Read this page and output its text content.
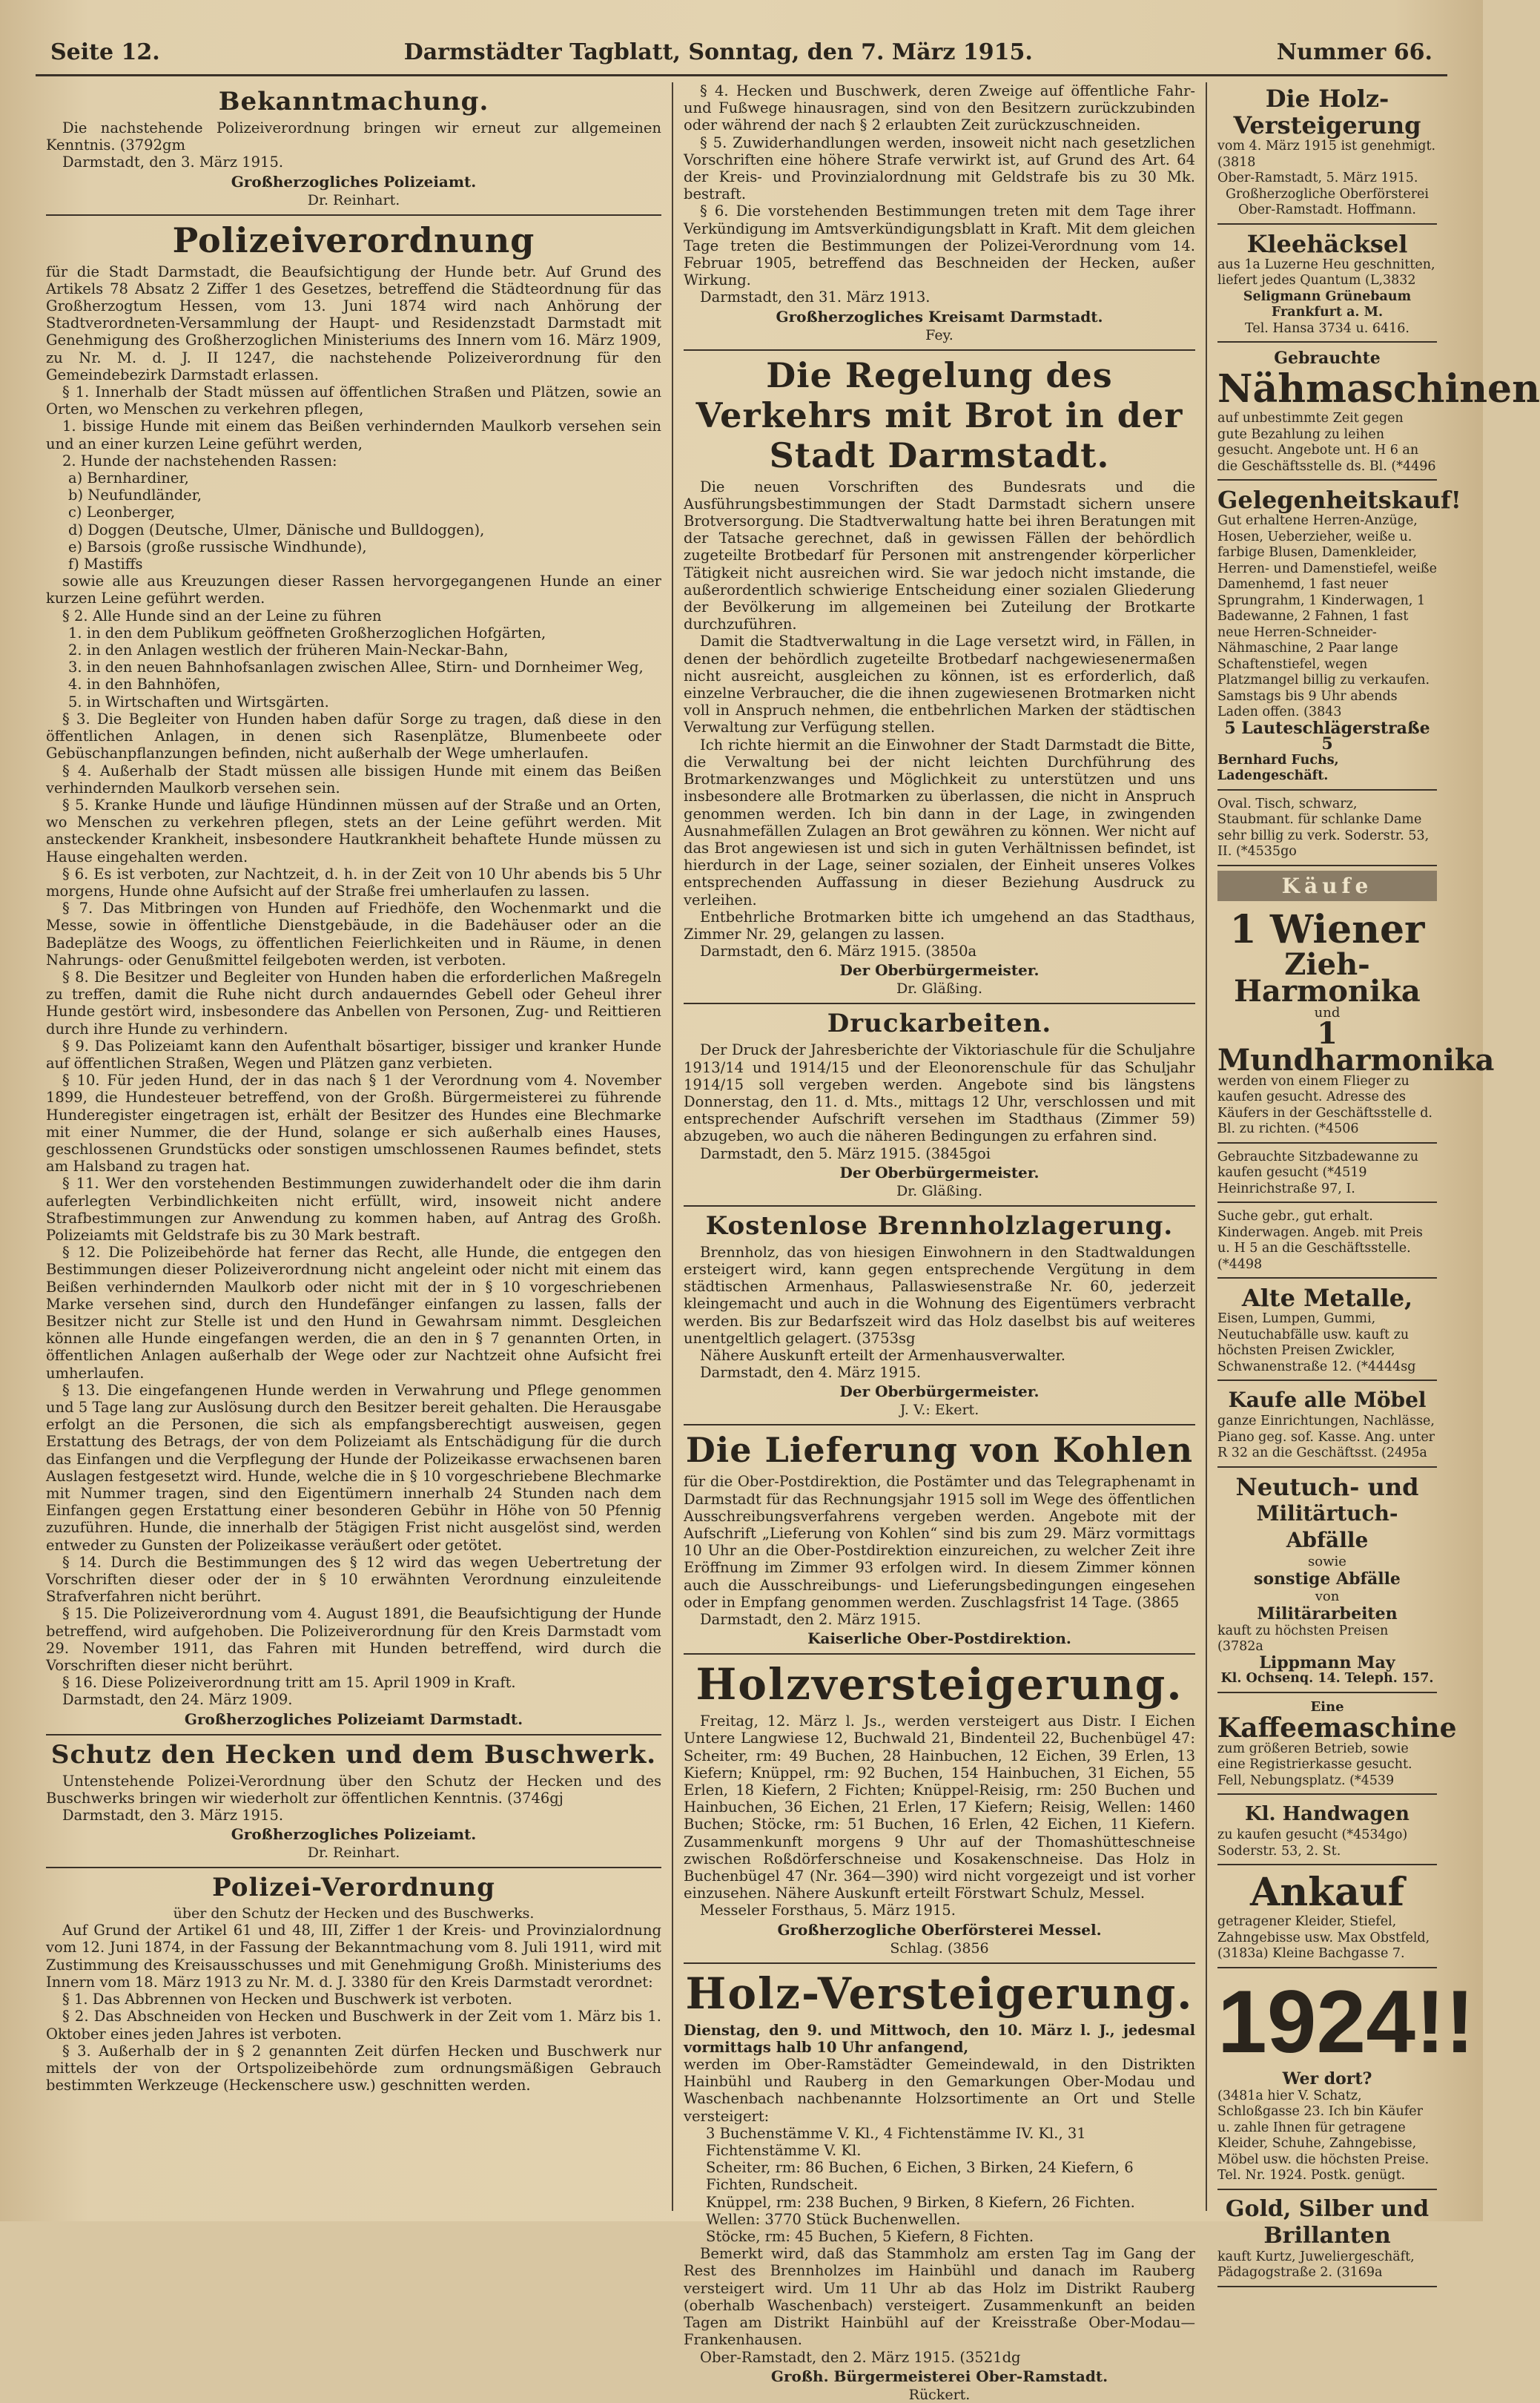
Seite 12.	Darmstädter Tagblatt, Sonntag, den 7. März 1915.	Nummer 66.
Bekanntmachung.

Die nachstehende Polizeiverordnung bringen wir erneut zur allgemeinen Kenntnis. (3792gm

Darmstadt, den 3. März 1915.

Großherzogliches Polizeiamt.
Dr. Reinhart.
Polizeiverordnung

für die Stadt Darmstadt, die Beaufsichtigung der Hunde betr. Auf Grund des Artikels 78 Absatz 2 Ziffer 1 des Gesetzes, betreffend die Städteordnung für das Großherzogtum Hessen, vom 13. Juni 1874 wird nach Anhörung der Stadtverordneten-Versammlung der Haupt- und Residenzstadt Darmstadt mit Genehmigung des Großherzoglichen Ministeriums des Innern vom 16. März 1909, zu Nr. M. d. J. II 1247, die nachstehende Polizeiverordnung für den Gemeindebezirk Darmstadt erlassen.

§ 1. Innerhalb der Stadt müssen auf öffentlichen Straßen und Plätzen, sowie an Orten, wo Menschen zu verkehren pflegen,

1. bissige Hunde mit einem das Beißen verhindernden Maulkorb versehen sein und an einer kurzen Leine geführt werden,

2. Hunde der nachstehenden Rassen:

a) Bernhardiner,
b) Neufundländer,
c) Leonberger,
d) Doggen (Deutsche, Ulmer, Dänische und Bulldoggen),
e) Barsois (große russische Windhunde),
f) Mastiffs

sowie alle aus Kreuzungen dieser Rassen hervorgegangenen Hunde an einer kurzen Leine geführt werden.

§ 2. Alle Hunde sind an der Leine zu führen

1. in den dem Publikum geöffneten Großherzoglichen Hofgärten,
2. in den Anlagen westlich der früheren Main-Neckar-Bahn,
3. in den neuen Bahnhofsanlagen zwischen Allee, Stirn- und Dornheimer Weg,
4. in den Bahnhöfen,
5. in Wirtschaften und Wirtsgärten.

§ 3. Die Begleiter von Hunden haben dafür Sorge zu tragen, daß diese in den öffentlichen Anlagen, in denen sich Rasenplätze, Blumenbeete oder Gebüschanpflanzungen befinden, nicht außerhalb der Wege umherlaufen.

§ 4. Außerhalb der Stadt müssen alle bissigen Hunde mit einem das Beißen verhindernden Maulkorb versehen sein.

§ 5. Kranke Hunde und läufige Hündinnen müssen auf der Straße und an Orten, wo Menschen zu verkehren pflegen, stets an der Leine geführt werden. Mit ansteckender Krankheit, insbesondere Hautkrankheit behaftete Hunde müssen zu Hause eingehalten werden.

§ 6. Es ist verboten, zur Nachtzeit, d. h. in der Zeit von 10 Uhr abends bis 5 Uhr morgens, Hunde ohne Aufsicht auf der Straße frei umherlaufen zu lassen.

§ 7. Das Mitbringen von Hunden auf Friedhöfe, den Wochenmarkt und die Messe, sowie in öffentliche Dienstgebäude, in die Badehäuser oder an die Badeplätze des Woogs, zu öffentlichen Feierlichkeiten und in Räume, in denen Nahrungs- oder Genußmittel feilgeboten werden, ist verboten.

§ 8. Die Besitzer und Begleiter von Hunden haben die erforderlichen Maßregeln zu treffen, damit die Ruhe nicht durch andauerndes Gebell oder Geheul ihrer Hunde gestört wird, insbesondere das Anbellen von Personen, Zug- und Reittieren durch ihre Hunde zu verhindern.

§ 9. Das Polizeiamt kann den Aufenthalt bösartiger, bissiger und kranker Hunde auf öffentlichen Straßen, Wegen und Plätzen ganz verbieten.

§ 10. Für jeden Hund, der in das nach § 1 der Verordnung vom 4. November 1899, die Hundesteuer betreffend, von der Großh. Bürgermeisterei zu führende Hunderegister eingetragen ist, erhält der Besitzer des Hundes eine Blechmarke mit einer Nummer, die der Hund, solange er sich außerhalb eines Hauses, geschlossenen Grundstücks oder sonstigen umschlossenen Raumes befindet, stets am Halsband zu tragen hat.

§ 11. Wer den vorstehenden Bestimmungen zuwiderhandelt oder die ihm darin auferlegten Verbindlichkeiten nicht erfüllt, wird, insoweit nicht andere Strafbestimmungen zur Anwendung zu kommen haben, auf Antrag des Großh. Polizeiamts mit Geldstrafe bis zu 30 Mark bestraft.

§ 12. Die Polizeibehörde hat ferner das Recht, alle Hunde, die entgegen den Bestimmungen dieser Polizeiverordnung nicht angeleint oder nicht mit einem das Beißen verhindernden Maulkorb oder nicht mit der in § 10 vorgeschriebenen Marke versehen sind, durch den Hundefänger einfangen zu lassen, falls der Besitzer nicht zur Stelle ist und den Hund in Gewahrsam nimmt. Desgleichen können alle Hunde eingefangen werden, die an den in § 7 genannten Orten, in öffentlichen Anlagen außerhalb der Wege oder zur Nachtzeit ohne Aufsicht frei umherlaufen.

§ 13. Die eingefangenen Hunde werden in Verwahrung und Pflege genommen und 5 Tage lang zur Auslösung durch den Besitzer bereit gehalten. Die Herausgabe erfolgt an die Personen, die sich als empfangsberechtigt ausweisen, gegen Erstattung des Betrags, der von dem Polizeiamt als Entschädigung für die durch das Einfangen und die Verpflegung der Hunde der Polizeikasse erwachsenen baren Auslagen festgesetzt wird. Hunde, welche die in § 10 vorgeschriebene Blechmarke mit Nummer tragen, sind den Eigentümern innerhalb 24 Stunden nach dem Einfangen gegen Erstattung einer besonderen Gebühr in Höhe von 50 Pfennig zuzuführen. Hunde, die innerhalb der 5tägigen Frist nicht ausgelöst sind, werden entweder zu Gunsten der Polizeikasse veräußert oder getötet.

§ 14. Durch die Bestimmungen des § 12 wird das wegen Uebertretung der Vorschriften dieser oder der in § 10 erwähnten Verordnung einzuleitende Strafverfahren nicht berührt.

§ 15. Die Polizeiverordnung vom 4. August 1891, die Beaufsichtigung der Hunde betreffend, wird aufgehoben. Die Polizeiverordnung für den Kreis Darmstadt vom 29. November 1911, das Fahren mit Hunden betreffend, wird durch die Vorschriften dieser nicht berührt.

§ 16. Diese Polizeiverordnung tritt am 15. April 1909 in Kraft.

Darmstadt, den 24. März 1909.

Großherzogliches Polizeiamt Darmstadt.
Schutz den Hecken und dem Buschwerk.

Untenstehende Polizei-Verordnung über den Schutz der Hecken und des Buschwerks bringen wir wiederholt zur öffentlichen Kenntnis. (3746gj

Darmstadt, den 3. März 1915.

Großherzogliches Polizeiamt.
Dr. Reinhart.
Polizei-Verordnung
über den Schutz der Hecken und des Buschwerks.

Auf Grund der Artikel 61 und 48, III, Ziffer 1 der Kreis- und Provinzialordnung vom 12. Juni 1874, in der Fassung der Bekanntmachung vom 8. Juli 1911, wird mit Zustimmung des Kreisausschusses und mit Genehmigung Großh. Ministeriums des Innern vom 18. März 1913 zu Nr. M. d. J. 3380 für den Kreis Darmstadt verordnet:

§ 1. Das Abbrennen von Hecken und Buschwerk ist verboten.

§ 2. Das Abschneiden von Hecken und Buschwerk in der Zeit vom 1. März bis 1. Oktober eines jeden Jahres ist verboten.

§ 3. Außerhalb der in § 2 genannten Zeit dürfen Hecken und Buschwerk nur mittels der von der Ortspolizeibehörde zum ordnungsmäßigen Gebrauch bestimmten Werkzeuge (Heckenschere usw.) geschnitten werden.

§ 4. Hecken und Buschwerk, deren Zweige auf öffentliche Fahr- und Fußwege hinausragen, sind von den Besitzern zurückzubinden oder während der nach § 2 erlaubten Zeit zurückzuschneiden.

§ 5. Zuwiderhandlungen werden, insoweit nicht nach gesetzlichen Vorschriften eine höhere Strafe verwirkt ist, auf Grund des Art. 64 der Kreis- und Provinzialordnung mit Geldstrafe bis zu 30 Mk. bestraft.

§ 6. Die vorstehenden Bestimmungen treten mit dem Tage ihrer Verkündigung im Amtsverkündigungsblatt in Kraft. Mit dem gleichen Tage treten die Bestimmungen der Polizei-Verordnung vom 14. Februar 1905, betreffend das Beschneiden der Hecken, außer Wirkung.

Darmstadt, den 31. März 1913.

Großherzogliches Kreisamt Darmstadt.
Fey.
Die Regelung des Verkehrs mit Brot in der Stadt Darmstadt.

Die neuen Vorschriften des Bundesrats und die Ausführungsbestimmungen der Stadt Darmstadt sichern unsere Brotversorgung. Die Stadtverwaltung hatte bei ihren Beratungen mit der Tatsache gerechnet, daß in gewissen Fällen der behördlich zugeteilte Brotbedarf für Personen mit anstrengender körperlicher Tätigkeit nicht ausreichen wird. Sie war jedoch nicht imstande, die außerordentlich schwierige Entscheidung einer sozialen Gliederung der Bevölkerung im allgemeinen bei Zuteilung der Brotkarte durchzuführen.

Damit die Stadtverwaltung in die Lage versetzt wird, in Fällen, in denen der behördlich zugeteilte Brotbedarf nachgewiesenermaßen nicht ausreicht, ausgleichen zu können, ist es erforderlich, daß einzelne Verbraucher, die die ihnen zugewiesenen Brotmarken nicht voll in Anspruch nehmen, die entbehrlichen Marken der städtischen Verwaltung zur Verfügung stellen.

Ich richte hiermit an die Einwohner der Stadt Darmstadt die Bitte, die Verwaltung bei der nicht leichten Durchführung des Brotmarkenzwanges und Möglichkeit zu unterstützen und uns insbesondere alle Brotmarken zu überlassen, die nicht in Anspruch genommen werden. Ich bin dann in der Lage, in zwingenden Ausnahmefällen Zulagen an Brot gewähren zu können. Wer nicht auf das Brot angewiesen ist und sich in guten Verhältnissen befindet, ist hierdurch in der Lage, seiner sozialen, der Einheit unseres Volkes entsprechenden Auffassung in dieser Beziehung Ausdruck zu verleihen.

Entbehrliche Brotmarken bitte ich umgehend an das Stadthaus, Zimmer Nr. 29, gelangen zu lassen.

Darmstadt, den 6. März 1915. (3850a

Der Oberbürgermeister.
Dr. Gläßing.
Druckarbeiten.

Der Druck der Jahresberichte der Viktoriaschule für die Schuljahre 1913/14 und 1914/15 und der Eleonorenschule für das Schuljahr 1914/15 soll vergeben werden. Angebote sind bis längstens Donnerstag, den 11. d. Mts., mittags 12 Uhr, verschlossen und mit entsprechender Aufschrift versehen im Stadthaus (Zimmer 59) abzugeben, wo auch die näheren Bedingungen zu erfahren sind.

Darmstadt, den 5. März 1915. (3845goi

Der Oberbürgermeister.
Dr. Gläßing.
Kostenlose Brennholzlagerung.

Brennholz, das von hiesigen Einwohnern in den Stadtwaldungen ersteigert wird, kann gegen entsprechende Vergütung in dem städtischen Armenhaus, Pallaswiesenstraße Nr. 60, jederzeit kleingemacht und auch in die Wohnung des Eigentümers verbracht werden. Bis zur Bedarfszeit wird das Holz daselbst bis auf weiteres unentgeltlich gelagert. (3753sg

Nähere Auskunft erteilt der Armenhausverwalter.

Darmstadt, den 4. März 1915.

Der Oberbürgermeister.
J. V.: Ekert.
Die Lieferung von Kohlen

für die Ober-Postdirektion, die Postämter und das Telegraphenamt in Darmstadt für das Rechnungsjahr 1915 soll im Wege des öffentlichen Ausschreibungsverfahrens vergeben werden. Angebote mit der Aufschrift „Lieferung von Kohlen“ sind bis zum 29. März vormittags 10 Uhr an die Ober-Postdirektion einzureichen, zu welcher Zeit ihre Eröffnung im Zimmer 93 erfolgen wird. In diesem Zimmer können auch die Ausschreibungs- und Lieferungsbedingungen eingesehen oder in Empfang genommen werden. Zuschlagsfrist 14 Tage. (3865

Darmstadt, den 2. März 1915.

Kaiserliche Ober-Postdirektion.
Holzversteigerung.

Freitag, 12. März l. Js., werden versteigert aus Distr. I Eichen Untere Langwiese 12, Buchwald 21, Bindenteil 22, Buchenbügel 47: Scheiter, rm: 49 Buchen, 28 Hainbuchen, 12 Eichen, 39 Erlen, 13 Kiefern; Knüppel, rm: 92 Buchen, 154 Hainbuchen, 31 Eichen, 55 Erlen, 18 Kiefern, 2 Fichten; Knüppel-Reisig, rm: 250 Buchen und Hainbuchen, 36 Eichen, 21 Erlen, 17 Kiefern; Reisig, Wellen: 1460 Buchen; Stöcke, rm: 51 Buchen, 16 Erlen, 42 Eichen, 11 Kiefern. Zusammenkunft morgens 9 Uhr auf der Thomashütteschneise zwischen Roßdörferschneise und Kosakenschneise. Das Holz in Buchenbügel 47 (Nr. 364—390) wird nicht vorgezeigt und ist vorher einzusehen. Nähere Auskunft erteilt Förstwart Schulz, Messel.

Messeler Forsthaus, 5. März 1915.

Großherzogliche Oberförsterei Messel.
Schlag. (3856
Holz-Versteigerung.

Dienstag, den 9. und Mittwoch, den 10. März l. J., jedesmal vormittags halb 10 Uhr anfangend,

werden im Ober-Ramstädter Gemeindewald, in den Distrikten Hainbühl und Rauberg in den Gemarkungen Ober-Modau und Waschenbach nachbenannte Holzsortimente an Ort und Stelle versteigert:

3 Buchenstämme V. Kl., 4 Fichtenstämme IV. Kl., 31 Fichtenstämme V. Kl.
Scheiter, rm: 86 Buchen, 6 Eichen, 3 Birken, 24 Kiefern, 6 Fichten, Rundscheit.
Knüppel, rm: 238 Buchen, 9 Birken, 8 Kiefern, 26 Fichten.
Wellen: 3770 Stück Buchenwellen.
Stöcke, rm: 45 Buchen, 5 Kiefern, 8 Fichten.

Bemerkt wird, daß das Stammholz am ersten Tag im Gang der Rest des Brennholzes im Hainbühl und danach im Rauberg versteigert wird. Um 11 Uhr ab das Holz im Distrikt Rauberg (oberhalb Waschenbach) versteigert. Zusammenkunft an beiden Tagen am Distrikt Hainbühl auf der Kreisstraße Ober-Modau—Frankenhausen.

Ober-Ramstadt, den 2. März 1915. (3521dg

Großh. Bürgermeisterei Ober-Ramstadt.
Rückert.
Die Holz-Versteigerung

vom 4. März 1915 ist genehmigt. (3818

Ober-Ramstadt, 5. März 1915.

Großherzogliche Oberförsterei Ober-Ramstadt. Hoffmann.

Kleehäcksel

aus 1a Luzerne Heu geschnitten, liefert jedes Quantum (L,3832

Seligmann Grünebaum Frankfurt a. M.

Tel. Hansa 3734 u. 6416.

Gebrauchte
Nähmaschinen

auf unbestimmte Zeit gegen gute Bezahlung zu leihen gesucht. Angebote unt. H 6 an die Geschäftsstelle ds. Bl. (*4496

Gelegenheitskauf!

Gut erhaltene Herren-Anzüge, Hosen, Ueberzieher, weiße u. farbige Blusen, Damenkleider, Herren- und Damenstiefel, weiße Damenhemd, 1 fast neuer Sprungrahm, 1 Kinderwagen, 1 Badewanne, 2 Fahnen, 1 fast neue Herren-Schneider-Nähmaschine, 2 Paar lange Schaftenstiefel, wegen Platzmangel billig zu verkaufen. Samstags bis 9 Uhr abends Laden offen. (3843

5 Lauteschlägerstraße 5

Bernhard Fuchs, Ladengeschäft.

Oval. Tisch, schwarz, Staubmant. für schlanke Dame sehr billig zu verk. Soderstr. 53, II. (*4535go

Käufe
1 Wiener
Zieh-Harmonika
und
1 Mundharmonika

werden von einem Flieger zu kaufen gesucht. Adresse des Käufers in der Geschäftsstelle d. Bl. zu richten. (*4506

Gebrauchte Sitzbadewanne zu kaufen gesucht (*4519 Heinrichstraße 97, I.

Suche gebr., gut erhalt. Kinderwagen. Angeb. mit Preis u. H 5 an die Geschäftsstelle. (*4498

Alte Metalle,

Eisen, Lumpen, Gummi, Neutuchabfälle usw. kauft zu höchsten Preisen Zwickler, Schwanenstraße 12. (*4444sg

Kaufe alle Möbel

ganze Einrichtungen, Nachlässe, Piano geg. sof. Kasse. Ang. unter R 32 an die Geschäftsst. (2495a

Neutuch- und
Militärtuch-Abfälle
sowie
sonstige Abfälle
von
Militärarbeiten

kauft zu höchsten Preisen (3782a

Lippmann May

Kl. Ochsenq. 14. Teleph. 157.

Eine
Kaffeemaschine

zum größeren Betrieb, sowie eine Registrierkasse gesucht. Fell, Nebungsplatz. (*4539

Kl. Handwagen

zu kaufen gesucht (*4534go) Soderstr. 53, 2. St.

Ankauf

getragener Kleider, Stiefel, Zahngebisse usw. Max Obstfeld, (3183a) Kleine Bachgasse 7.

1924!!
Wer dort?

(3481a hier V. Schatz, Schloßgasse 23. Ich bin Käufer u. zahle Ihnen für getragene Kleider, Schuhe, Zahngebisse, Möbel usw. die höchsten Preise. Tel. Nr. 1924. Postk. genügt.

Gold, Silber und Brillanten

kauft Kurtz, Juweliergeschäft, Pädagogstraße 2. (3169a
